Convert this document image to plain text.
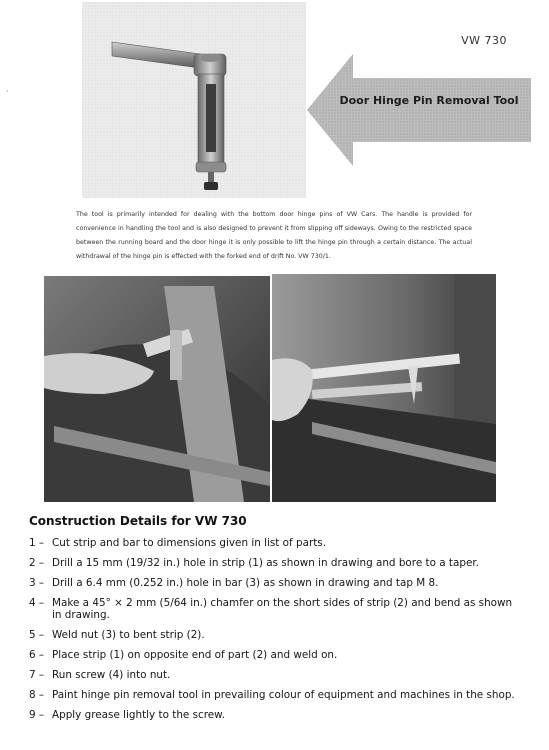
,
VW 730
Door Hinge Pin Removal Tool
The tool is primarily intended for dealing with the bottom door hinge pins of VW Cars. The handle is provided for convenience in handling the tool and is also designed to prevent it from slipping off sideways. Owing to the restricted space between the running board and the door hinge it is only possible to lift the hinge pin through a certain distance. The actual withdrawal of the hinge pin is effected with the forked end of drift No. VW 730/1.
Construction Details for VW 730
1 – Cut strip and bar to dimensions given in list of parts.
2 – Drill a 15 mm (19/32 in.) hole in strip (1) as shown in drawing and bore to a taper.
3 – Drill a 6.4 mm (0.252 in.) hole in bar (3) as shown in drawing and tap M 8.
4 – Make a 45° × 2 mm (5/64 in.) chamfer on the short sides of strip (2) and bend as shown in drawing.
5 – Weld nut (3) to bent strip (2).
6 – Place strip (1) on opposite end of part (2) and weld on.
7 – Run screw (4) into nut.
8 – Paint hinge pin removal tool in prevailing colour of equipment and machines in the shop.
9 – Apply grease lightly to the screw.
